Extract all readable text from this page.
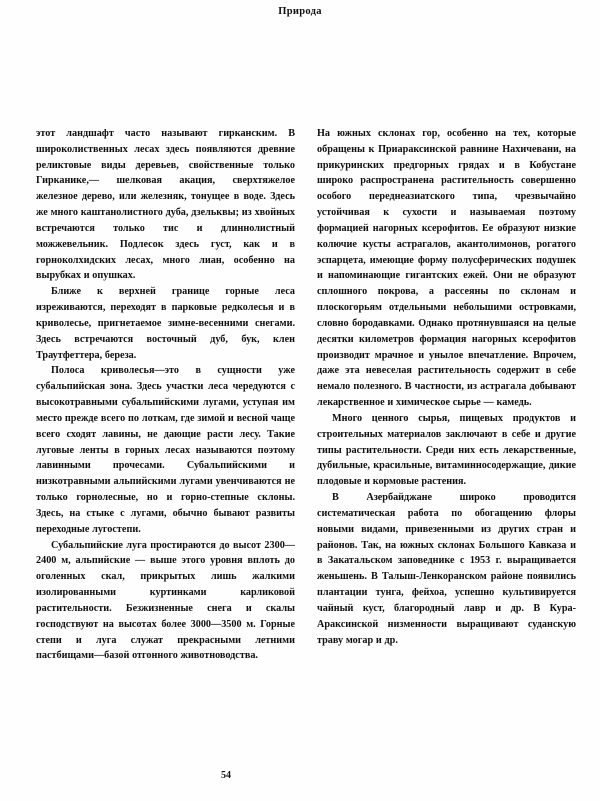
Природа

этот ландшафт часто называют гирканским. В широколиственных лесах здесь появляются древние реликтовые виды деревьев, свойственные только Гирканике,— шелковая акация, сверхтяжелое железное дерево, или железняк, тонущее в воде. Здесь же много каштанолистного дуба, дзельквы; из хвойных встречаются только тис и длиннолистный можжевельник. Подлесок здесь густ, как и в горноколхидских лесах, много лиан, особенно на вырубках и опушках.

Ближе к верхней границе горные леса изреживаются, переходят в парковые редколесья и в криволесье, пригнетаемое зимне-весенними снегами. Здесь встречаются восточный дуб, бук, клен Траутфеттера, береза.

Полоса криволесья—это в сущности уже субальпийская зона. Здесь участки леса чередуются с высокотравными субальпийскими лугами, уступая им место прежде всего по лоткам, где зимой и весной чаще всего сходят лавины, не дающие расти лесу. Такие луговые ленты в горных лесах называются поэтому лавинными прочесами. Субальпийскими и низкотравными альпийскими лугами увенчиваются не только горнолесные, но и горно-степные склоны. Здесь, на стыке с лугами, обычно бывают развиты переходные лугостепи.

Субальпийские луга простираются до высот 2300—2400 м, альпийские — выше этого уровня вплоть до оголенных скал, прикрытых лишь жалкими изолированными куртинками карликовой растительности. Безжизненные снега и скалы господствуют на высотах более 3000—3500 м. Горные степи и луга служат прекрасными летними пастбищами—базой отгонного животноводства.

На южных склонах гор, особенно на тех, которые обращены к Приараксинской равнине Нахичевани, на прикуринских предгорных грядах и в Кобустане широко распространена растительность совершенно особого переднеазиатского типа, чрезвычайно устойчивая к сухости и называемая поэтому формацией нагорных ксерофитов. Ее образуют низкие колючие кусты астрагалов, акантолимонов, рогатого эспарцета, имеющие форму полусферических подушек и напоминающие гигантских ежей. Они не образуют сплошного покрова, а рассеяны по склонам и плоскогорьям отдельными небольшими островками, словно бородавками. Однако протянувшаяся на целые десятки километров формация нагорных ксерофитов производит мрачное и унылое впечатление. Впрочем, даже эта невеселая растительность содержит в себе немало полезного. В частности, из астрагала добывают лекарственное и химическое сырье — камедь.

Много ценного сырья, пищевых продуктов и строительных материалов заключают в себе и другие типы растительности. Среди них есть лекарственные, дубильные, красильные, витаминносодержащие, дикие плодовые и кормовые растения.

В Азербайджане широко проводится систематическая работа по обогащению флоры новыми видами, привезенными из других стран и районов. Так, на южных склонах Большого Кавказа и в Закатальском заповеднике с 1953 г. выращивается женьшень. В Талыш-Ленкоранском районе появились плантации тунга, фейхоа, успешно культивируется чайный куст, благородный лавр и др. В Кура-Араксинской низменности выращивают суданскую траву могар и др.

54
